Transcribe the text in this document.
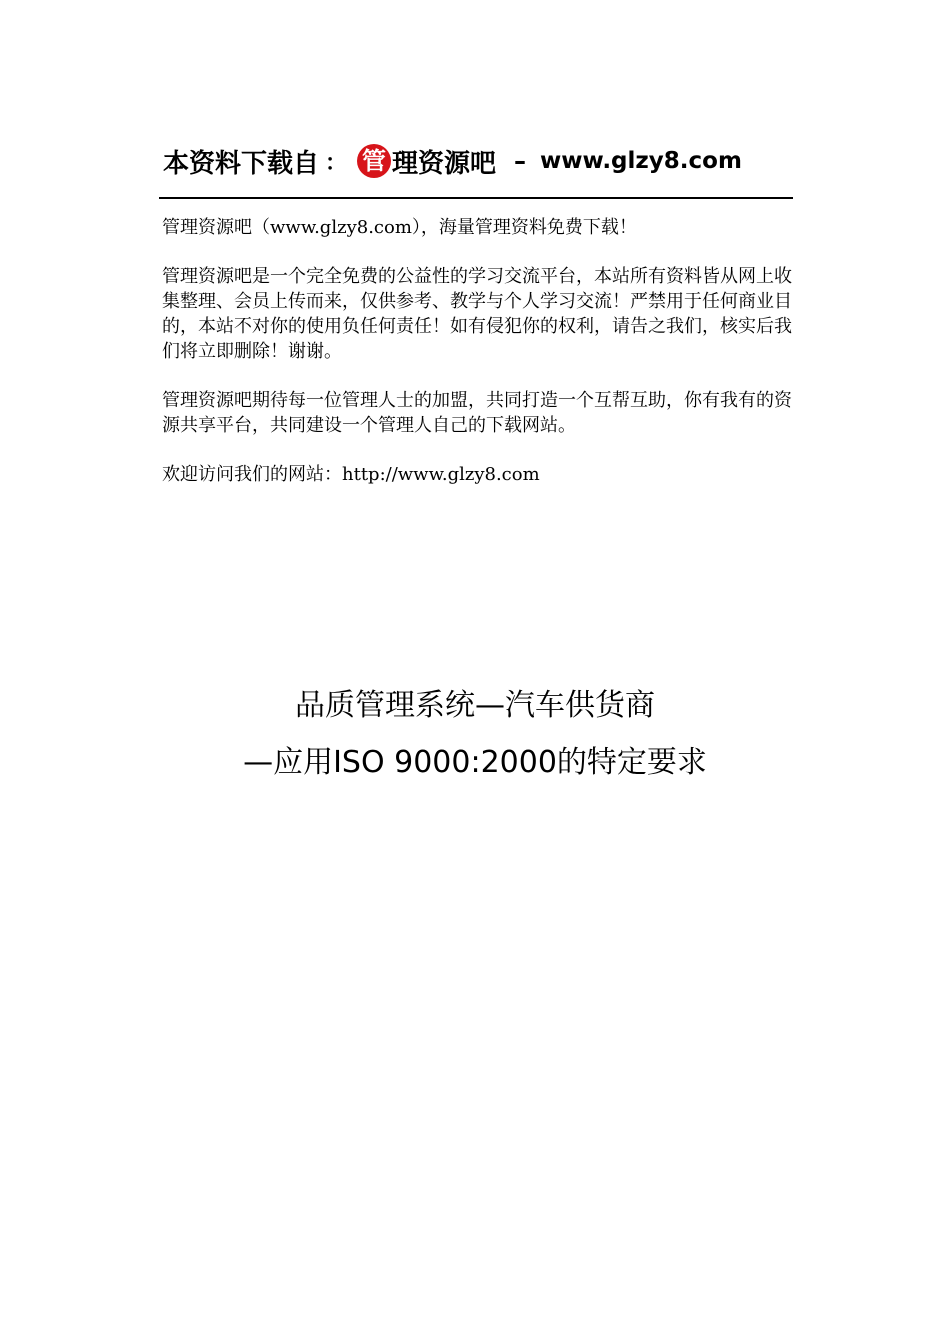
本资料下载自 ： 管 理资源吧 – www.glzy8.com

管理资源吧（www.glzy8.com），海量管理资料免费下载！

管理资源吧是一个完全免费的公益性的学习交流平台，本站所有资料皆从网上收集整理、会员上传而来，仅供参考、教学与个人学习交流！严禁用于任何商业目的，本站不对你的使用负任何责任！如有侵犯你的权利，请告之我们，核实后我们将立即删除！谢谢。

管理资源吧期待每一位管理人士的加盟，共同打造一个互帮互助，你有我有的资源共享平台，共同建设一个管理人自己的下载网站。

欢迎访问我们的网站：http://www.glzy8.com

品质管理系统—汽车供货商
—应用ISO 9000:2000的特定要求
